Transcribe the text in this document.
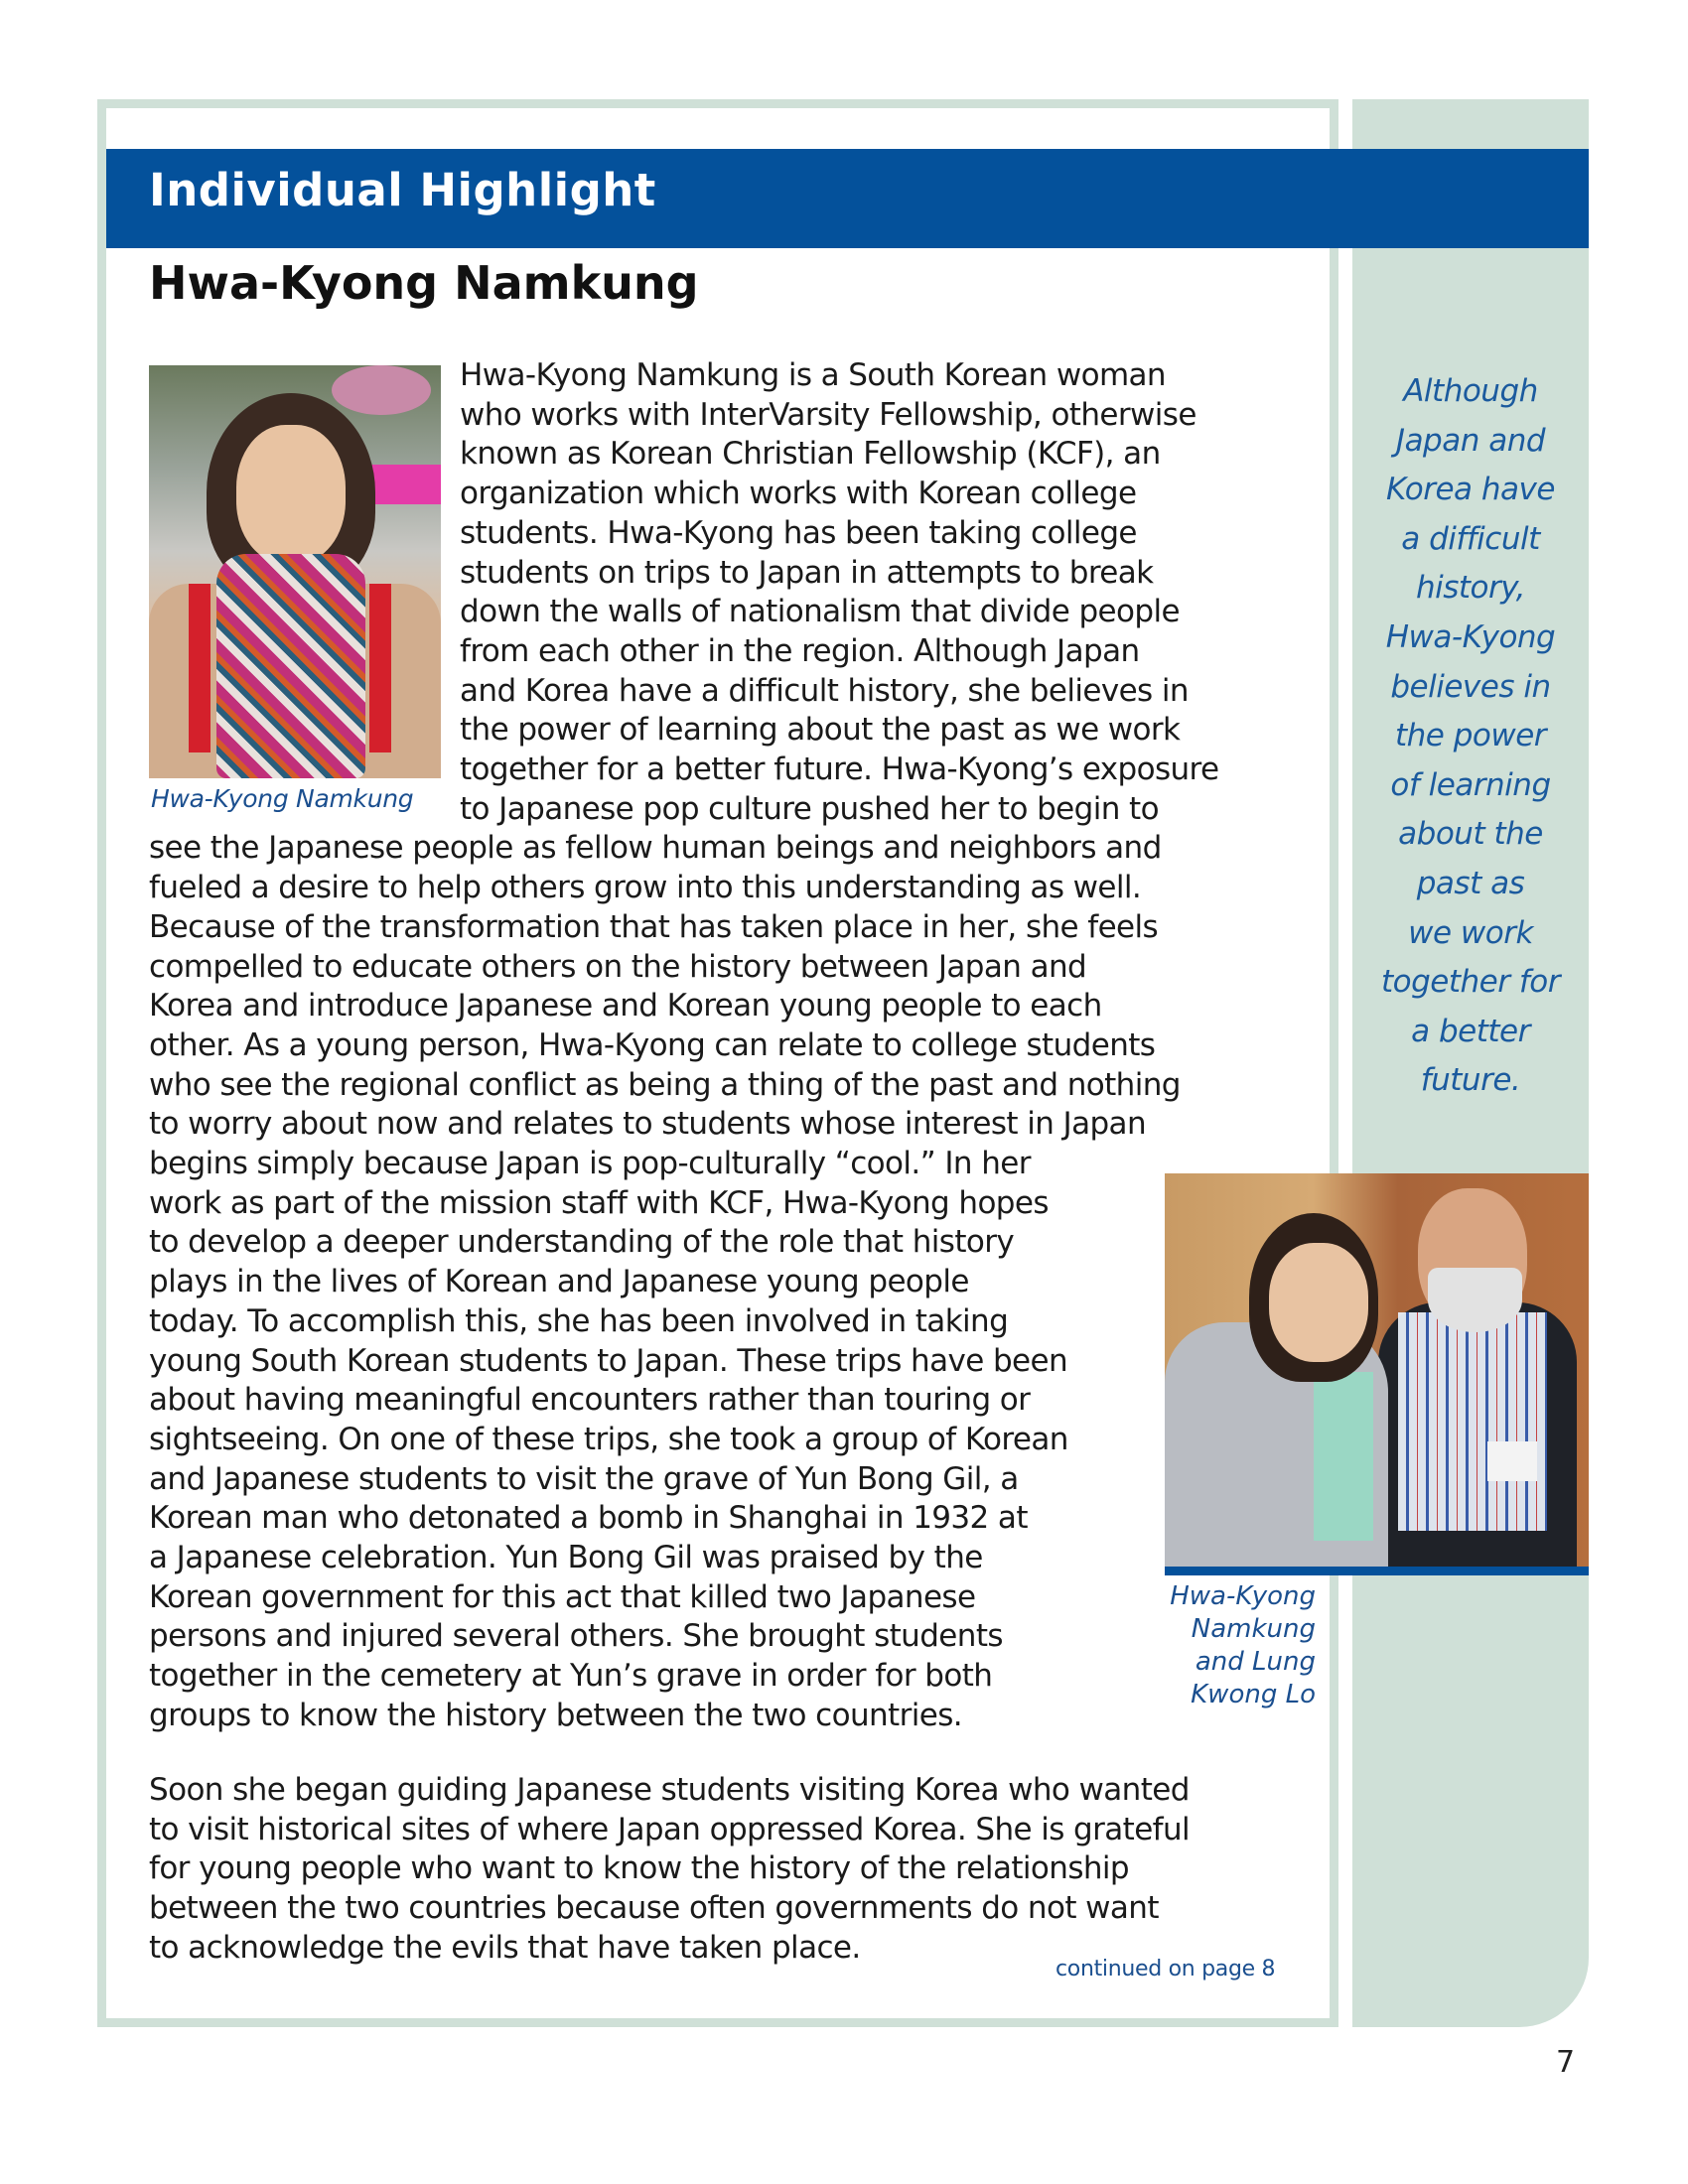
Individual Highlight
Hwa-Kyong Namkung
Hwa-Kyong Namkung
Hwa-Kyong Namkung is a South Korean woman
who works with InterVarsity Fellowship, otherwise
known as Korean Christian Fellowship (KCF), an
organization which works with Korean college
students. Hwa-Kyong has been taking college
students on trips to Japan in attempts to break
down the walls of nationalism that divide people
from each other in the region. Although Japan
and Korea have a difficult history, she believes in
the power of learning about the past as we work
together for a better future. Hwa-Kyong’s exposure
to Japanese pop culture pushed her to begin to
see the Japanese people as fellow human beings and neighbors and
fueled a desire to help others grow into this understanding as well.
Because of the transformation that has taken place in her, she feels
compelled to educate others on the history between Japan and
Korea and introduce Japanese and Korean young people to each
other. As a young person, Hwa-Kyong can relate to college students
who see the regional conflict as being a thing of the past and nothing
to worry about now and relates to students whose interest in Japan
begins simply because Japan is pop-culturally “cool.” In her
work as part of the mission staff with KCF, Hwa-Kyong hopes
to develop a deeper understanding of the role that history
plays in the lives of Korean and Japanese young people
today. To accomplish this, she has been involved in taking
young South Korean students to Japan. These trips have been
about having meaningful encounters rather than touring or
sightseeing. On one of these trips, she took a group of Korean
and Japanese students to visit the grave of Yun Bong Gil, a
Korean man who detonated a bomb in Shanghai in 1932 at
a Japanese celebration. Yun Bong Gil was praised by the
Korean government for this act that killed two Japanese
persons and injured several others. She brought students
together in the cemetery at Yun’s grave in order for both
groups to know the history between the two countries.
Soon she began guiding Japanese students visiting Korea who wanted
to visit historical sites of where Japan oppressed Korea. She is grateful
for young people who want to know the history of the relationship
between the two countries because often governments do not want
to acknowledge the evils that have taken place.
Hwa-Kyong
Namkung
and Lung
Kwong Lo
Although
Japan and
Korea have
a difficult
history,
Hwa-Kyong
believes in
the power
of learning
about the
past as
we work
together for
a better
future.
continued on page 8
7
